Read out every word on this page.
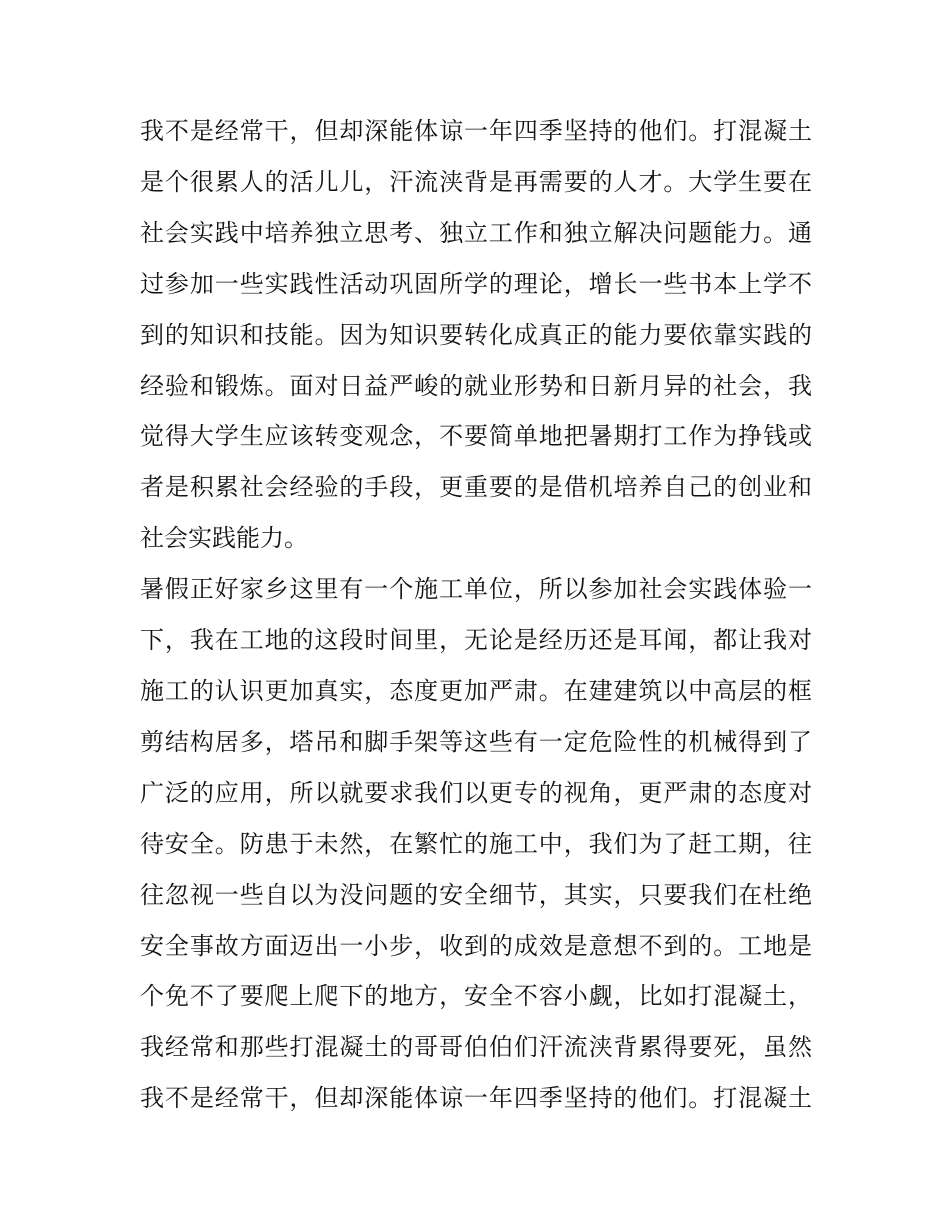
我不是经常干，但却深能体谅一年四季坚持的他们。打混凝土
是个很累人的活儿儿，汗流浃背是再需要的人才。大学生要在
社会实践中培养独立思考、独立工作和独立解决问题能力。通
过参加一些实践性活动巩固所学的理论，增长一些书本上学不
到的知识和技能。因为知识要转化成真正的能力要依靠实践的
经验和锻炼。面对日益严峻的就业形势和日新月异的社会，我
觉得大学生应该转变观念，不要简单地把暑期打工作为挣钱或
者是积累社会经验的手段，更重要的是借机培养自己的创业和
社会实践能力。
暑假正好家乡这里有一个施工单位，所以参加社会实践体验一
下，我在工地的这段时间里，无论是经历还是耳闻，都让我对
施工的认识更加真实，态度更加严肃。在建建筑以中高层的框
剪结构居多，塔吊和脚手架等这些有一定危险性的机械得到了
广泛的应用，所以就要求我们以更专的视角，更严肃的态度对
待安全。防患于未然，在繁忙的施工中，我们为了赶工期，往
往忽视一些自以为没问题的安全细节，其实，只要我们在杜绝
安全事故方面迈出一小步，收到的成效是意想不到的。工地是
个免不了要爬上爬下的地方，安全不容小觑，比如打混凝土，
我经常和那些打混凝土的哥哥伯伯们汗流浃背累得要死，虽然
我不是经常干，但却深能体谅一年四季坚持的他们。打混凝土
